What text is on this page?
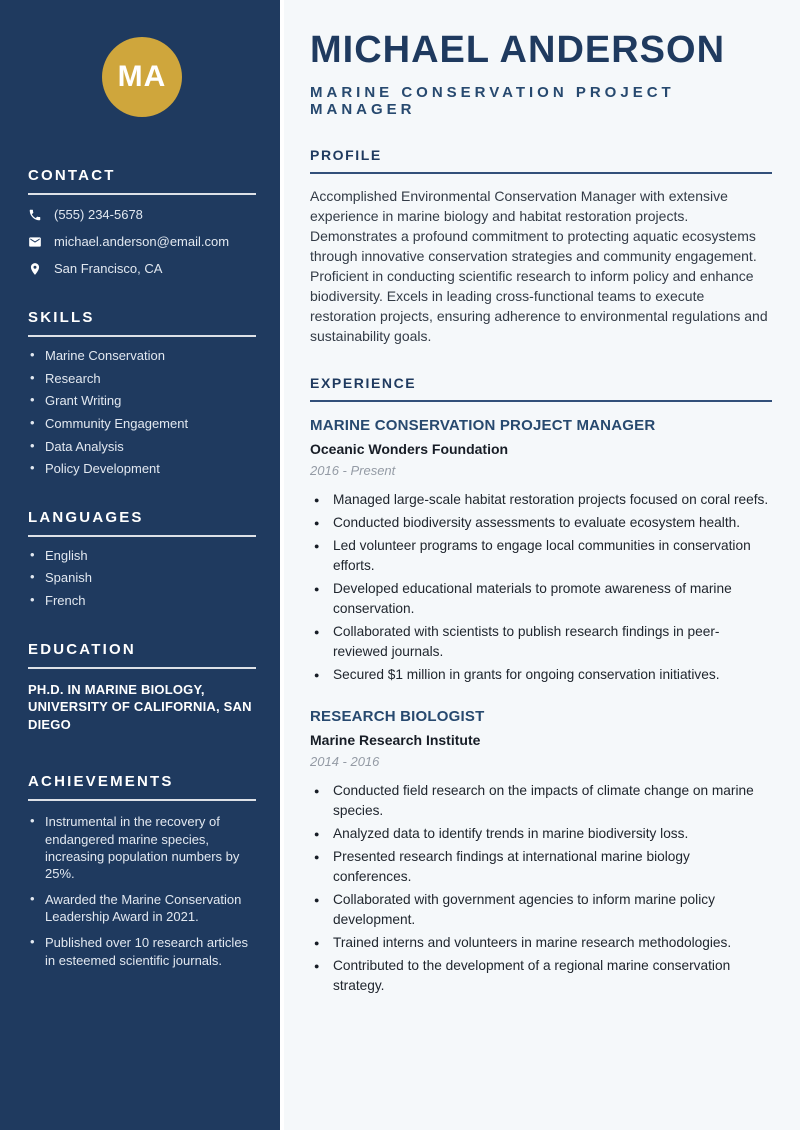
MA
CONTACT
(555) 234-5678
michael.anderson@email.com
San Francisco, CA
SKILLS
• Marine Conservation
• Research
• Grant Writing
• Community Engagement
• Data Analysis
• Policy Development
LANGUAGES
• English
• Spanish
• French
EDUCATION

PH.D. IN MARINE BIOLOGY, UNIVERSITY OF CALIFORNIA, SAN DIEGO

ACHIEVEMENTS
• Instrumental in the recovery of endangered marine species, increasing population numbers by 25%.
• Awarded the Marine Conservation Leadership Award in 2021.
• Published over 10 research articles in esteemed scientific journals.
MICHAEL ANDERSON
MARINE CONSERVATION PROJECT MANAGER
PROFILE

Accomplished Environmental Conservation Manager with extensive experience in marine biology and habitat restoration projects. Demonstrates a profound commitment to protecting aquatic ecosystems through innovative conservation strategies and community engagement. Proficient in conducting scientific research to inform policy and enhance biodiversity. Excels in leading cross-functional teams to execute restoration projects, ensuring adherence to environmental regulations and sustainability goals.

EXPERIENCE
MARINE CONSERVATION PROJECT MANAGER
Oceanic Wonders Foundation
2016 - Present
● Managed large-scale habitat restoration projects focused on coral reefs.
● Conducted biodiversity assessments to evaluate ecosystem health.
● Led volunteer programs to engage local communities in conservation efforts.
● Developed educational materials to promote awareness of marine conservation.
● Collaborated with scientists to publish research findings in peer-reviewed journals.
● Secured $1 million in grants for ongoing conservation initiatives.
RESEARCH BIOLOGIST
Marine Research Institute
2014 - 2016
● Conducted field research on the impacts of climate change on marine species.
● Analyzed data to identify trends in marine biodiversity loss.
● Presented research findings at international marine biology conferences.
● Collaborated with government agencies to inform marine policy development.
● Trained interns and volunteers in marine research methodologies.
● Contributed to the development of a regional marine conservation strategy.
